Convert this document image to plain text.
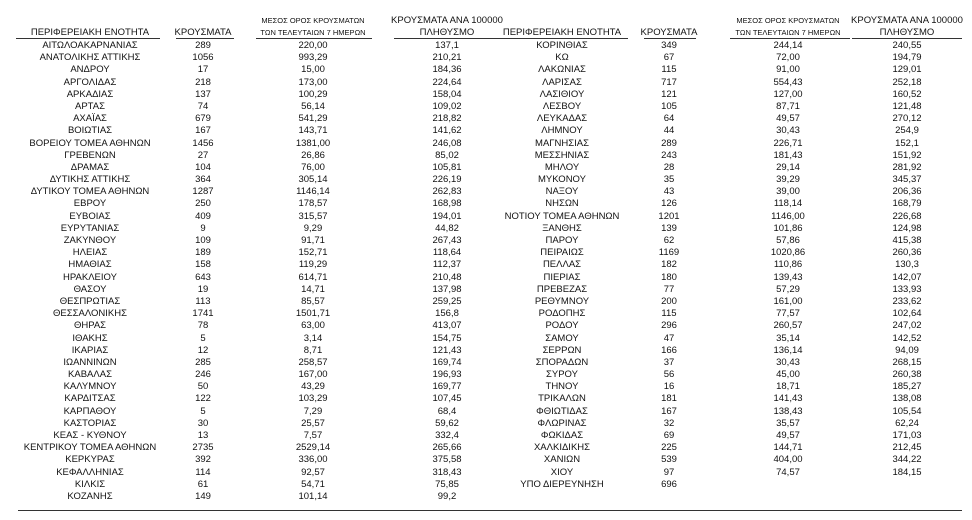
ΠΕΡΙΦΕΡΕΙΑΚΗ ΕΝΟΤΗΤΑ	ΚΡΟΥΣΜΑΤΑ
ΜΕΣΟΣ ΟΡΟΣ ΚΡΟΥΣΜΑΤΩΝ
ΤΩΝ ΤΕΛΕΥΤΑΙΩΝ 7 ΗΜΕΡΩΝ
ΚΡΟΥΣΜΑΤΑ ΑΝΑ 100000
ΠΛΗΘΥΣΜΟ
ΑΙΤΩΛΟΑΚΑΡΝΑΝΙΑΣ	289	220,00	137,1
ΑΝΑΤΟΛΙΚΗΣ ΑΤΤΙΚΗΣ	1056	993,29	210,21
ΑΝΔΡΟΥ	17	15,00	184,36
ΑΡΓΟΛΙΔΑΣ	218	173,00	224,64
ΑΡΚΑΔΙΑΣ	137	100,29	158,04
ΑΡΤΑΣ	74	56,14	109,02
ΑΧΑΪΑΣ	679	541,29	218,82
ΒΟΙΩΤΙΑΣ	167	143,71	141,62
ΒΟΡΕΙΟΥ ΤΟΜΕΑ ΑΘΗΝΩΝ	1456	1381,00	246,08
ΓΡΕΒΕΝΩΝ	27	26,86	85,02
ΔΡΑΜΑΣ	104	76,00	105,81
ΔΥΤΙΚΗΣ ΑΤΤΙΚΗΣ	364	305,14	226,19
ΔΥΤΙΚΟΥ ΤΟΜΕΑ ΑΘΗΝΩΝ	1287	1146,14	262,83
ΕΒΡΟΥ	250	178,57	168,98
ΕΥΒΟΙΑΣ	409	315,57	194,01
ΕΥΡΥΤΑΝΙΑΣ	9	9,29	44,82
ΖΑΚΥΝΘΟΥ	109	91,71	267,43
ΗΛΕΙΑΣ	189	152,71	118,64
ΗΜΑΘΙΑΣ	158	119,29	112,37
ΗΡΑΚΛΕΙΟΥ	643	614,71	210,48
ΘΑΣΟΥ	19	14,71	137,98
ΘΕΣΠΡΩΤΙΑΣ	113	85,57	259,25
ΘΕΣΣΑΛΟΝΙΚΗΣ	1741	1501,71	156,8
ΘΗΡΑΣ	78	63,00	413,07
ΙΘΑΚΗΣ	5	3,14	154,75
ΙΚΑΡΙΑΣ	12	8,71	121,43
ΙΩΑΝΝΙΝΩΝ	285	258,57	169,74
ΚΑΒΑΛΑΣ	246	167,00	196,93
ΚΑΛΥΜΝΟΥ	50	43,29	169,77
ΚΑΡΔΙΤΣΑΣ	122	103,29	107,45
ΚΑΡΠΑΘΟΥ	5	7,29	68,4
ΚΑΣΤΟΡΙΑΣ	30	25,57	59,62
ΚΕΑΣ - ΚΥΘΝΟΥ	13	7,57	332,4
ΚΕΝΤΡΙΚΟΥ ΤΟΜΕΑ ΑΘΗΝΩΝ	2735	2529,14	265,66
ΚΕΡΚΥΡΑΣ	392	336,00	375,58
ΚΕΦΑΛΛΗΝΙΑΣ	114	92,57	318,43
ΚΙΛΚΙΣ	61	54,71	75,85
ΚΟΖΑΝΗΣ	149	101,14	99,2
ΠΕΡΙΦΕΡΕΙΑΚΗ ΕΝΟΤΗΤΑ	ΚΡΟΥΣΜΑΤΑ
ΜΕΣΟΣ ΟΡΟΣ ΚΡΟΥΣΜΑΤΩΝ
ΤΩΝ ΤΕΛΕΥΤΑΙΩΝ 7 ΗΜΕΡΩΝ
ΚΡΟΥΣΜΑΤΑ ΑΝΑ 100000
ΠΛΗΘΥΣΜΟ
ΚΟΡΙΝΘΙΑΣ	349	244,14	240,55
ΚΩ	67	72,00	194,79
ΛΑΚΩΝΙΑΣ	115	91,00	129,01
ΛΑΡΙΣΑΣ	717	554,43	252,18
ΛΑΣΙΘΙΟΥ	121	127,00	160,52
ΛΕΣΒΟΥ	105	87,71	121,48
ΛΕΥΚΑΔΑΣ	64	49,57	270,12
ΛΗΜΝΟΥ	44	30,43	254,9
ΜΑΓΝΗΣΙΑΣ	289	226,71	152,1
ΜΕΣΣΗΝΙΑΣ	243	181,43	151,92
ΜΗΛΟΥ	28	29,14	281,92
ΜΥΚΟΝΟΥ	35	39,29	345,37
ΝΑΞΟΥ	43	39,00	206,36
ΝΗΣΩΝ	126	118,14	168,79
ΝΟΤΙΟΥ ΤΟΜΕΑ ΑΘΗΝΩΝ	1201	1146,00	226,68
ΞΑΝΘΗΣ	139	101,86	124,98
ΠΑΡΟΥ	62	57,86	415,38
ΠΕΙΡΑΙΩΣ	1169	1020,86	260,36
ΠΕΛΛΑΣ	182	110,86	130,3
ΠΙΕΡΙΑΣ	180	139,43	142,07
ΠΡΕΒΕΖΑΣ	77	57,29	133,93
ΡΕΘΥΜΝΟΥ	200	161,00	233,62
ΡΟΔΟΠΗΣ	115	77,57	102,64
ΡΟΔΟΥ	296	260,57	247,02
ΣΑΜΟΥ	47	35,14	142,52
ΣΕΡΡΩΝ	166	136,14	94,09
ΣΠΟΡΑΔΩΝ	37	30,43	268,15
ΣΥΡΟΥ	56	45,00	260,38
ΤΗΝΟΥ	16	18,71	185,27
ΤΡΙΚΑΛΩΝ	181	141,43	138,08
ΦΘΙΩΤΙΔΑΣ	167	138,43	105,54
ΦΛΩΡΙΝΑΣ	32	35,57	62,24
ΦΩΚΙΔΑΣ	69	49,57	171,03
ΧΑΛΚΙΔΙΚΗΣ	225	144,71	212,45
ΧΑΝΙΩΝ	539	404,00	344,22
ΧΙΟΥ	97	74,57	184,15
ΥΠΟ ΔΙΕΡΕΥΝΗΣΗ	696
